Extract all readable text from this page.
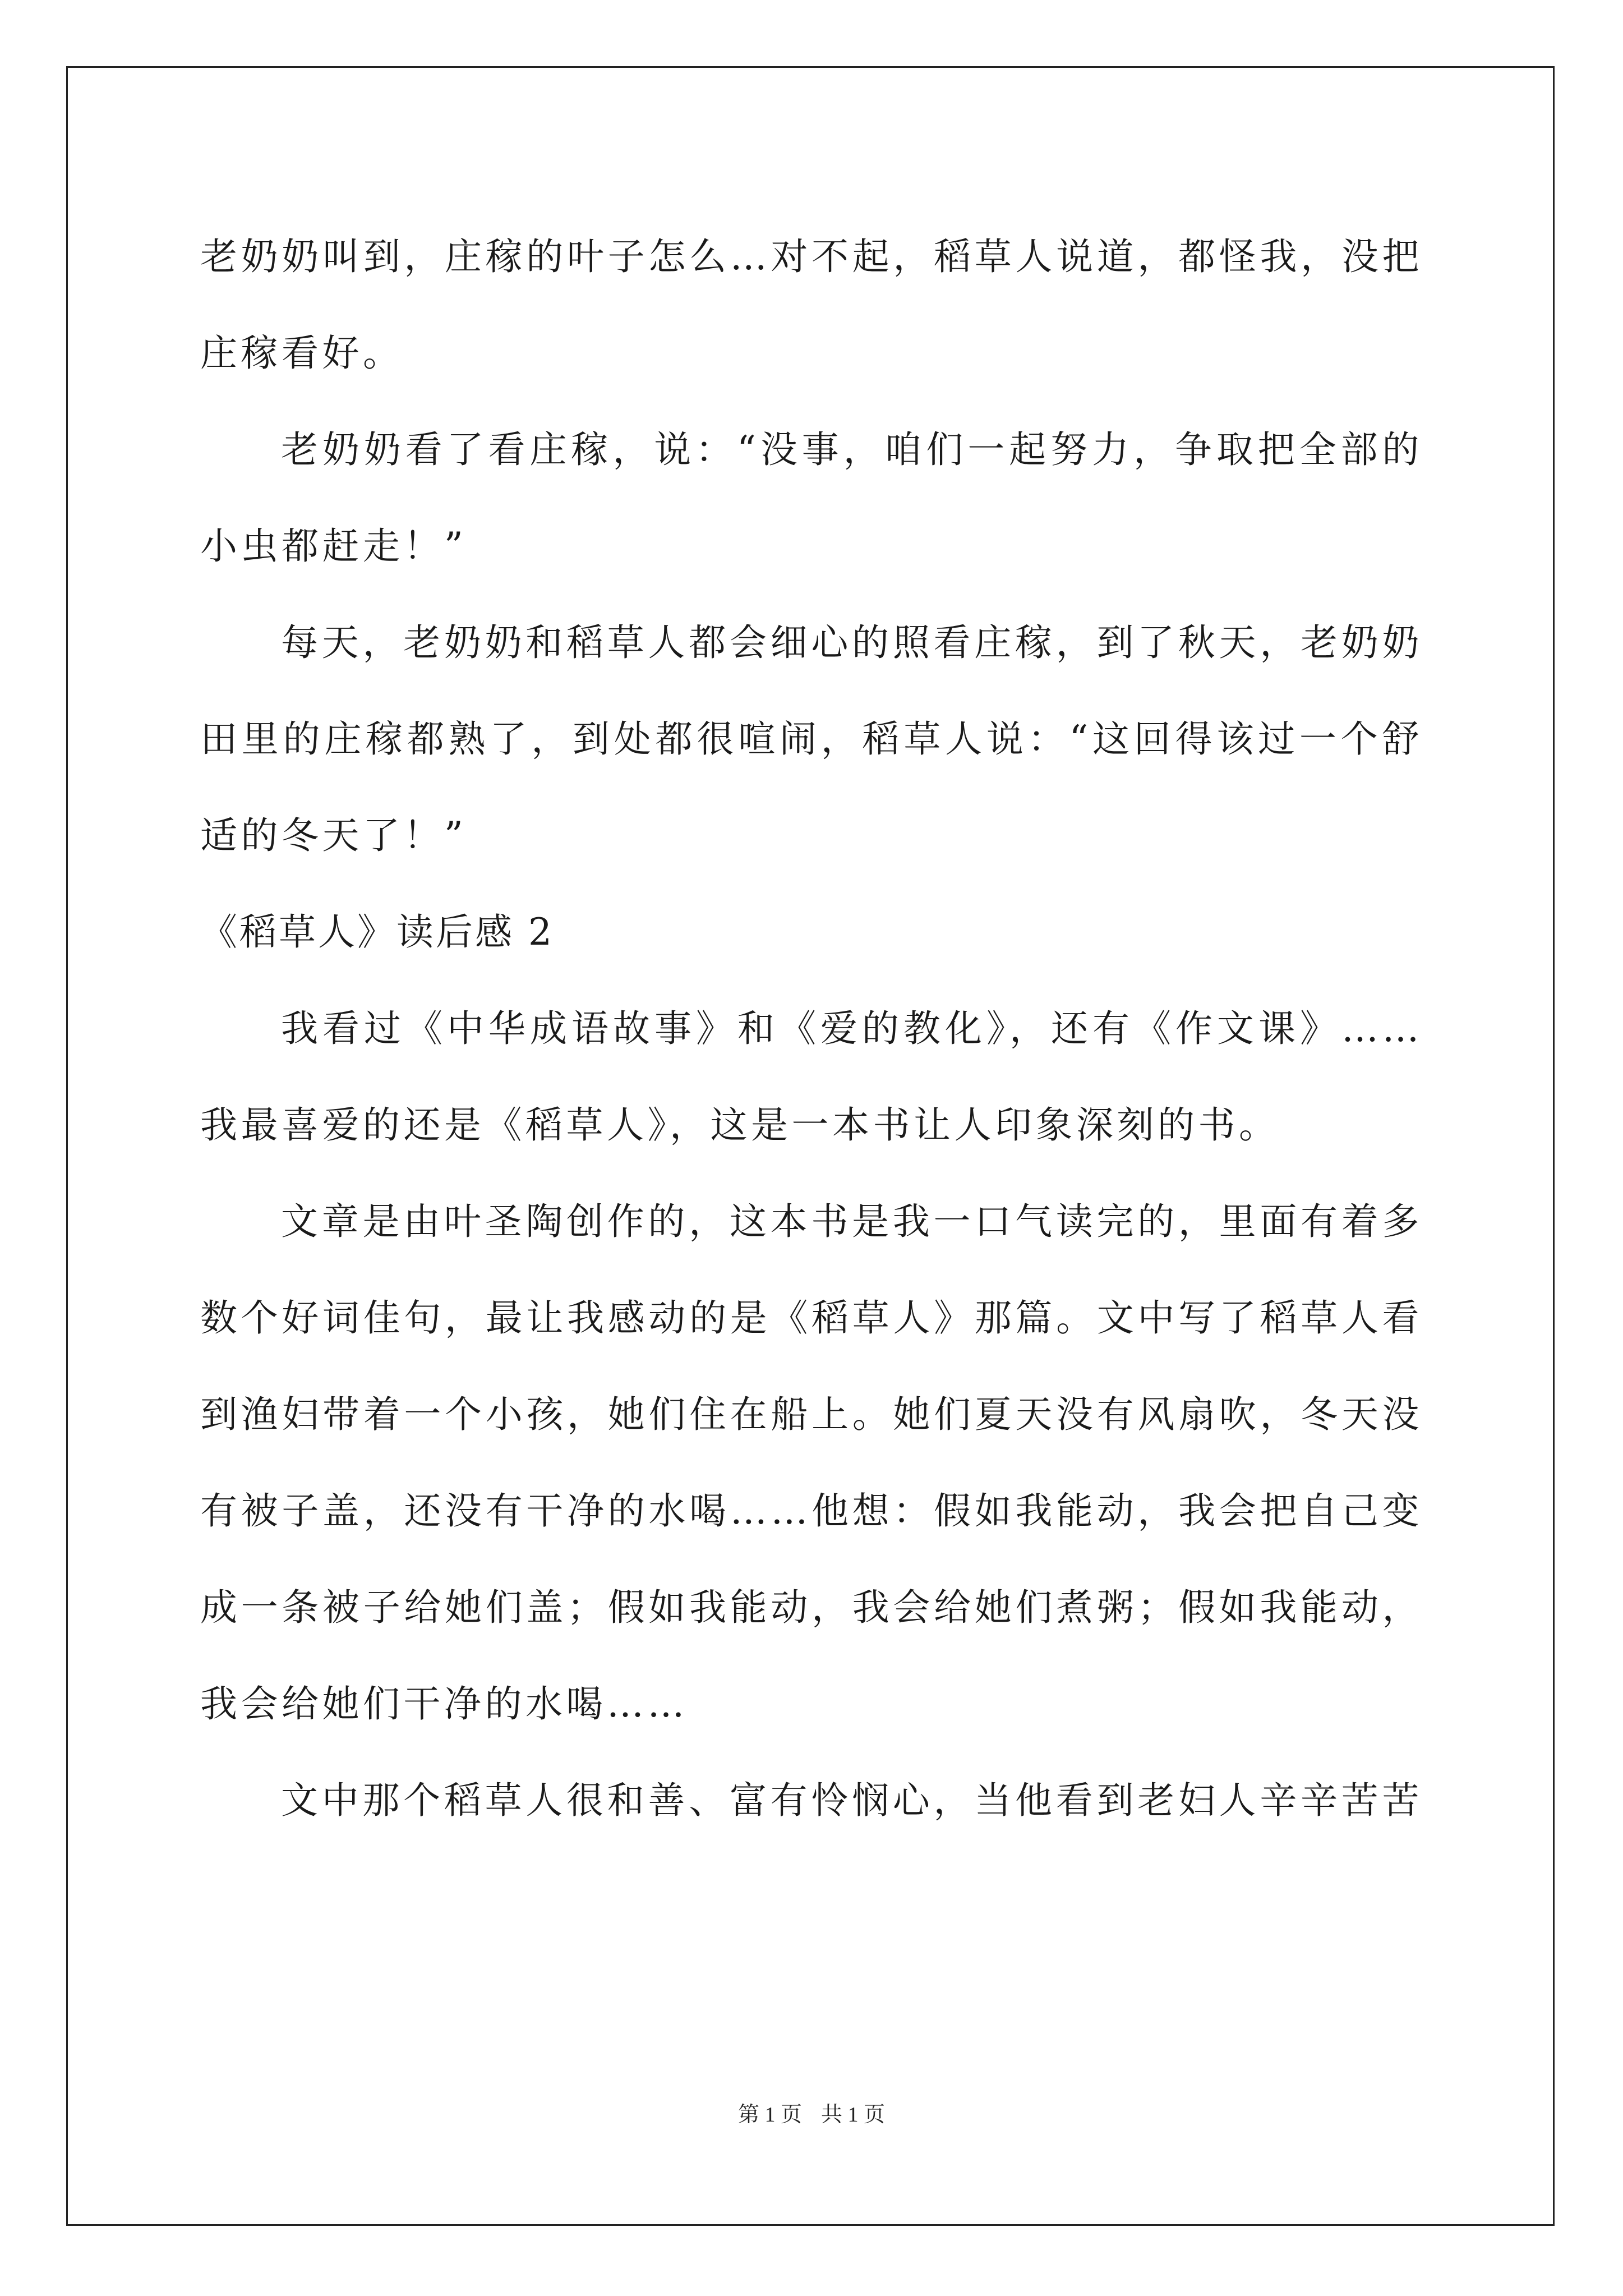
老奶奶叫到，庄稼的叶子怎么…对不起，稻草人说道，都怪我，没把庄稼看好。

老奶奶看了看庄稼，说：“没事，咱们一起努力，争取把全部的小虫都赶走！”

每天，老奶奶和稻草人都会细心的照看庄稼，到了秋天，老奶奶田里的庄稼都熟了，到处都很喧闹，稻草人说：“这回得该过一个舒适的冬天了！”

《稻草人》读后感 2

我看过《中华成语故事》和《爱的教化》，还有《作文课》……我最喜爱的还是《稻草人》，这是一本书让人印象深刻的书。

文章是由叶圣陶创作的，这本书是我一口气读完的，里面有着多数个好词佳句，最让我感动的是《稻草人》那篇。文中写了稻草人看到渔妇带着一个小孩，她们住在船上。她们夏天没有风扇吹，冬天没有被子盖，还没有干净的水喝……他想：假如我能动，我会把自己变成一条被子给她们盖；假如我能动，我会给她们煮粥；假如我能动，我会给她们干净的水喝……

文中那个稻草人很和善、富有怜悯心，当他看到老妇人辛辛苦苦

第 1 页 共 1 页
